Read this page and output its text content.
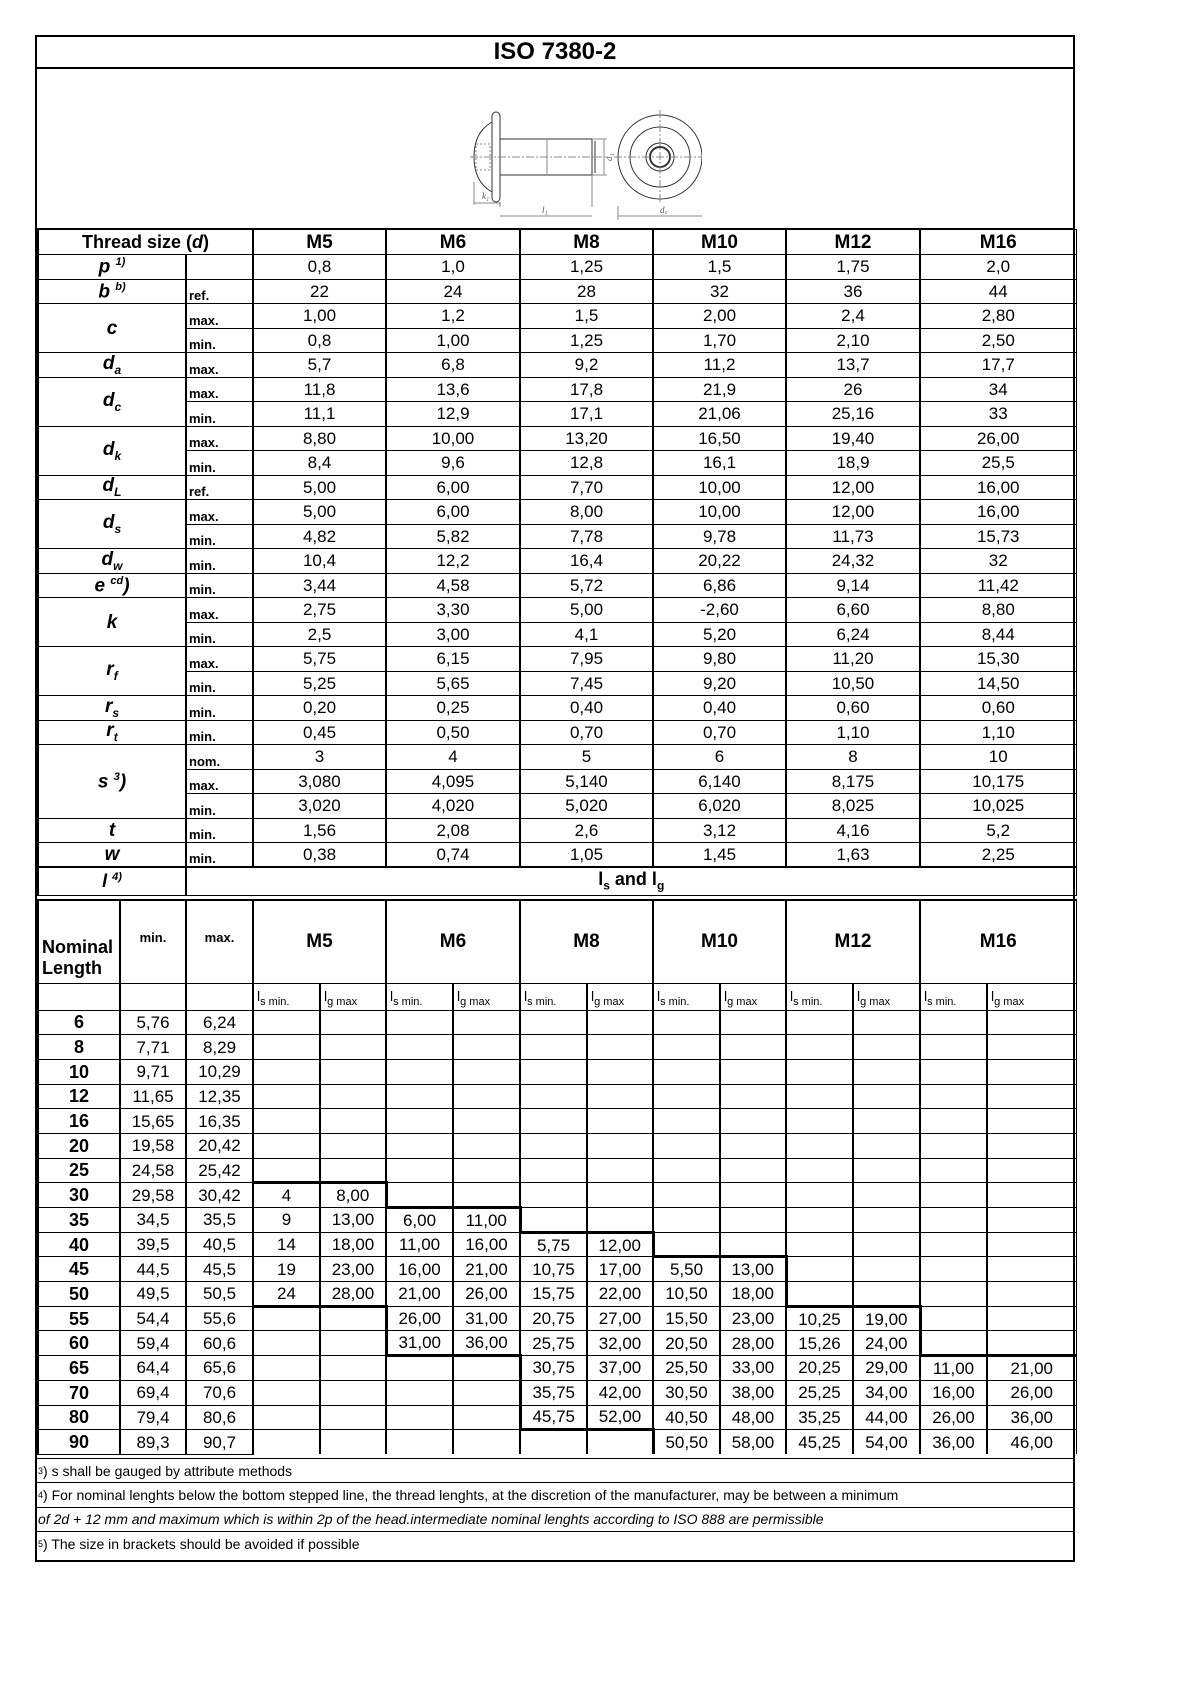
ISO 7380-2
k₁
d₁
l₁	d꜀
Thread size (d)		M5	M6	M8	M10	M12	M16
p $^{1)}$		0,8	1,0	1,25	1,5	1,75	2,0
b $^{b)}$	ref.	22	24	28	32	36	44
c	max.	1,00	1,2	1,5	2,00	2,4	2,80
	min.	0,8	1,00	1,25	1,70	2,10	2,50
$d_a$	max.	5,7	6,8	9,2	11,2	13,7	17,7
$d_c$	max.	11,8	13,6	17,8	21,9	26	34
	min.	11,1	12,9	17,1	21,06	25,16	33
$d_k$	max.	8,80	10,00	13,20	16,50	19,40	26,00
	min.	8,4	9,6	12,8	16,1	18,9	25,5
$d_L$	ref.	5,00	6,00	7,70	10,00	12,00	16,00
$d_s$	max.	5,00	6,00	8,00	10,00	12,00	16,00
	min.	4,82	5,82	7,78	9,78	11,73	15,73
$d_w$	min.	10,4	12,2	16,4	20,22	24,32	32
e $^{cd}$)	min.	3,44	4,58	5,72	6,86	9,14	11,42
k	max.	2,75	3,30	5,00	-2,60	6,60	8,80
	min.	2,5	3,00	4,1	5,20	6,24	8,44
$r_f$	max.	5,75	6,15	7,95	9,80	11,20	15,30
	min.	5,25	5,65	7,45	9,20	10,50	14,50
$r_s$	min.	0,20	0,25	0,40	0,40	0,60	0,60
$r_t$	min.	0,45	0,50	0,70	0,70	1,10	1,10
s $^3$)	nom.	3	4	5	6	8	10
	max.	3,080	4,095	5,140	6,140	8,175	10,175
	min.	3,020	4,020	5,020	6,020	8,025	10,025
t	min.	1,56	2,08	2,6	3,12	4,16	5,2
w	min.	0,38	0,74	1,05	1,45	1,63	2,25
l $^{4)}$	$l_s$ and $l_g$
Nominal
Length	min.	max.	M5		M6		M8		M10		M12		M16	
			$l_{s min.}$	$l_{g max}$	$l_{s min.}$	$l_{g max}$	$l_{s min.}$	$l_{g max}$	$l_{s min.}$	$l_{g max}$	$l_{s min.}$	$l_{g max}$	$l_{s min.}$	$l_{g max}$
6	5,76	6,24												
8	7,71	8,29												
10	9,71	10,29												
12	11,65	12,35												
16	15,65	16,35												
20	19,58	20,42												
25	24,58	25,42												
30	29,58	30,42	4	8,00										
35	34,5	35,5	9	13,00	6,00	11,00								
40	39,5	40,5	14	18,00	11,00	16,00	5,75	12,00						
45	44,5	45,5	19	23,00	16,00	21,00	10,75	17,00	5,50	13,00				
50	49,5	50,5	24	28,00	21,00	26,00	15,75	22,00	10,50	18,00				
55	54,4	55,6			26,00	31,00	20,75	27,00	15,50	23,00	10,25	19,00		
60	59,4	60,6			31,00	36,00	25,75	32,00	20,50	28,00	15,26	24,00		
65	64,4	65,6					30,75	37,00	25,50	33,00	20,25	29,00	11,00	21,00
70	69,4	70,6					35,75	42,00	30,50	38,00	25,25	34,00	16,00	26,00
80	79,4	80,6					45,75	52,00	40,50	48,00	35,25	44,00	26,00	36,00
90	89,3	90,7							50,50	58,00	45,25	54,00	36,00	46,00
3 ) s shall be gauged by attribute methods
4 ) For nominal lenghts below the bottom stepped line, the thread lenghts, at the discretion of the manufacturer, may be between a minimum
of 2d + 12 mm and maximum which is within 2p of the head.intermediate nominal lenghts according to ISO 888 are permissible
5 ) The size in brackets should be avoided if possible
